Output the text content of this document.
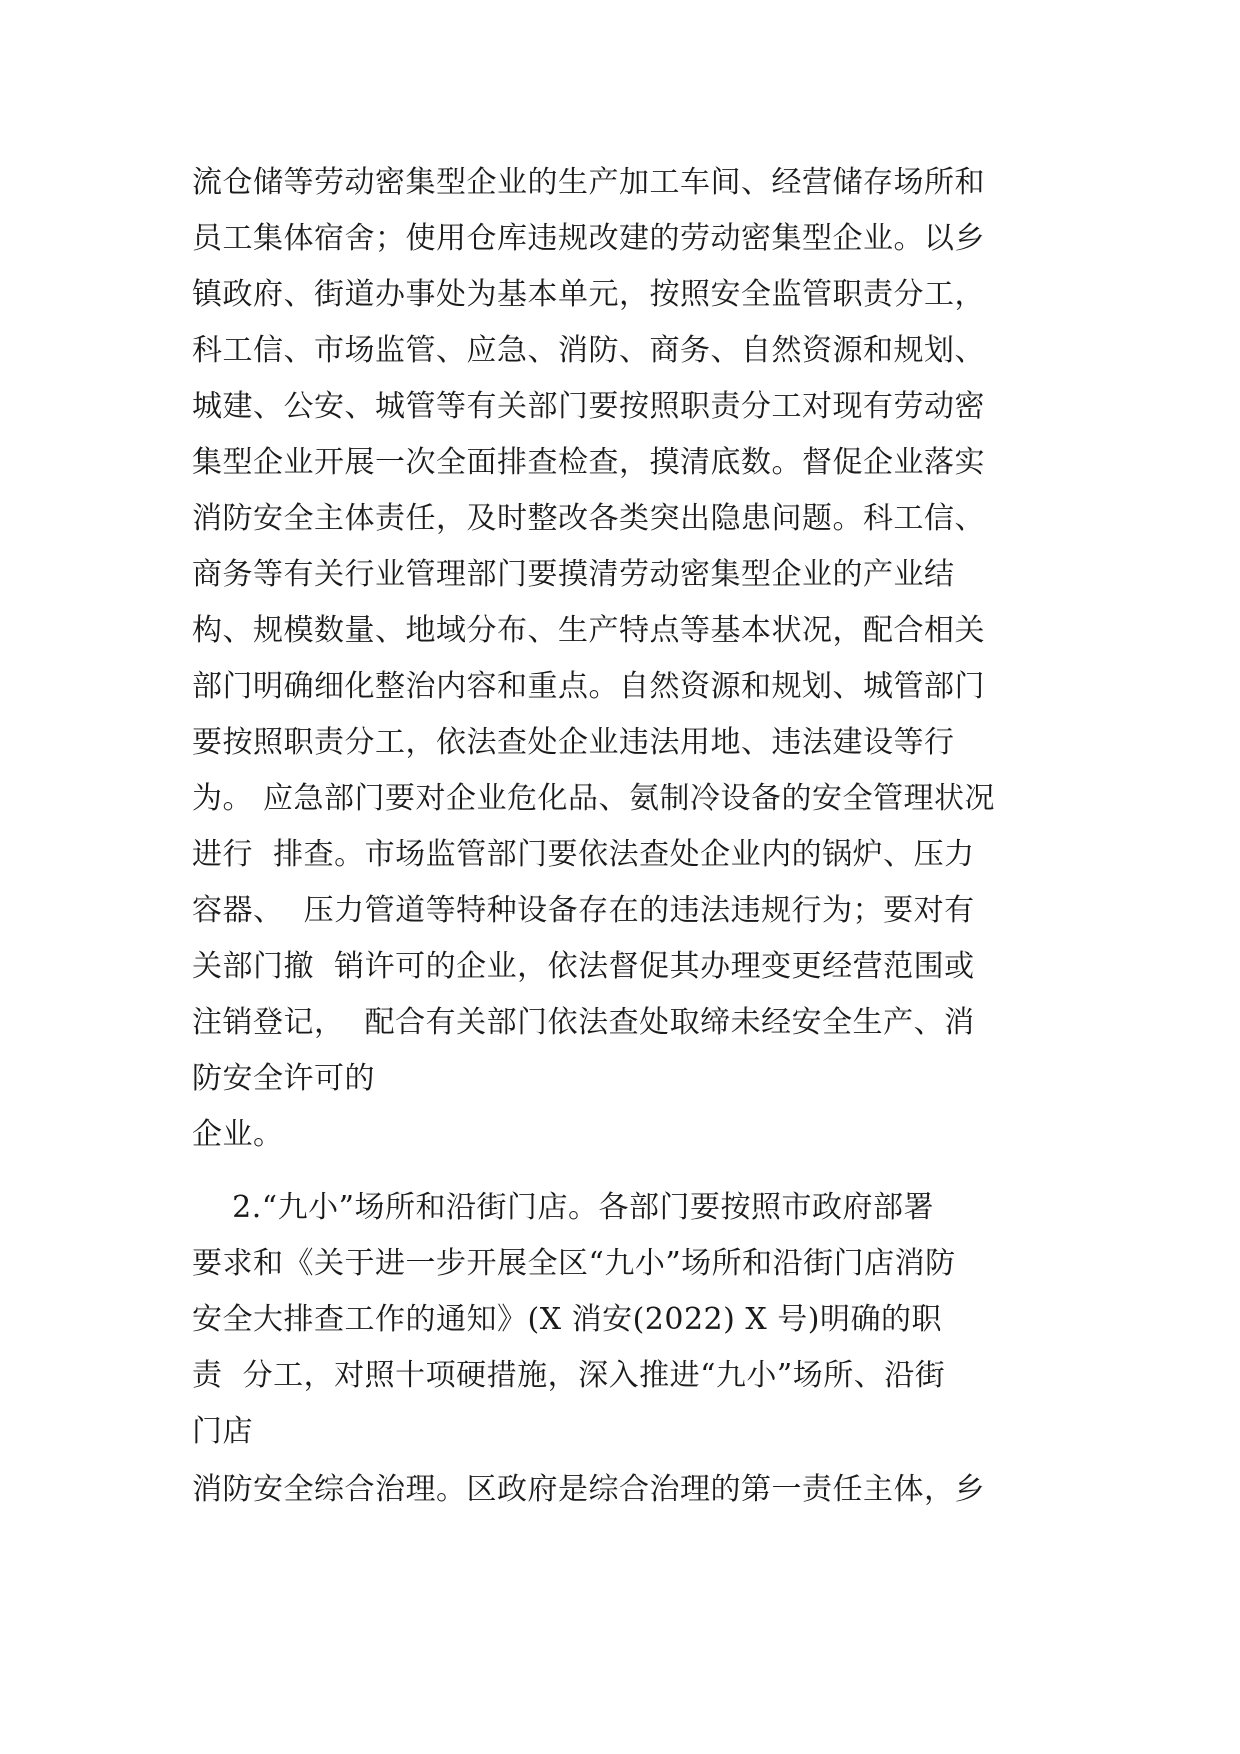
流仓储等劳动密集型企业的生产加工车间、经营储存场所和

员工集体宿舍；使用仓库违规改建的劳动密集型企业。以乡

镇政府、街道办事处为基本单元，按照安全监管职责分工，

科工信、市场监管、应急、消防、商务、自然资源和规划、

城建、公安、城管等有关部门要按照职责分工对现有劳动密

集型企业开展一次全面排查检查，摸清底数。督促企业落实

消防安全主体责任，及时整改各类突出隐患问题。科工信、

商务等有关行业管理部门要摸清劳动密集型企业的产业结

构、规模数量、地域分布、生产特点等基本状况，配合相关

部门明确细化整治内容和重点。自然资源和规划、城管部门

要按照职责分工，依法查处企业违法用地、违法建设等行

为。 应急部门要对企业危化品、氨制冷设备的安全管理状况

进行  排查。市场监管部门要依法查处企业内的锅炉、压力

容器、  压力管道等特种设备存在的违法违规行为；要对有

关部门撤  销许可的企业，依法督促其办理变更经营范围或

注销登记，  配合有关部门依法查处取缔未经安全生产、消

防安全许可的

企业。

2.“九小”场所和沿街门店。各部门要按照市政府部署

要求和《关于进一步开展全区“九小”场所和沿街门店消防

安全大排查工作的通知》(X 消安(2022) X 号)明确的职

责  分工，对照十项硬措施，深入推进“九小”场所、沿街

门店

消防安全综合治理。区政府是综合治理的第一责任主体，乡
